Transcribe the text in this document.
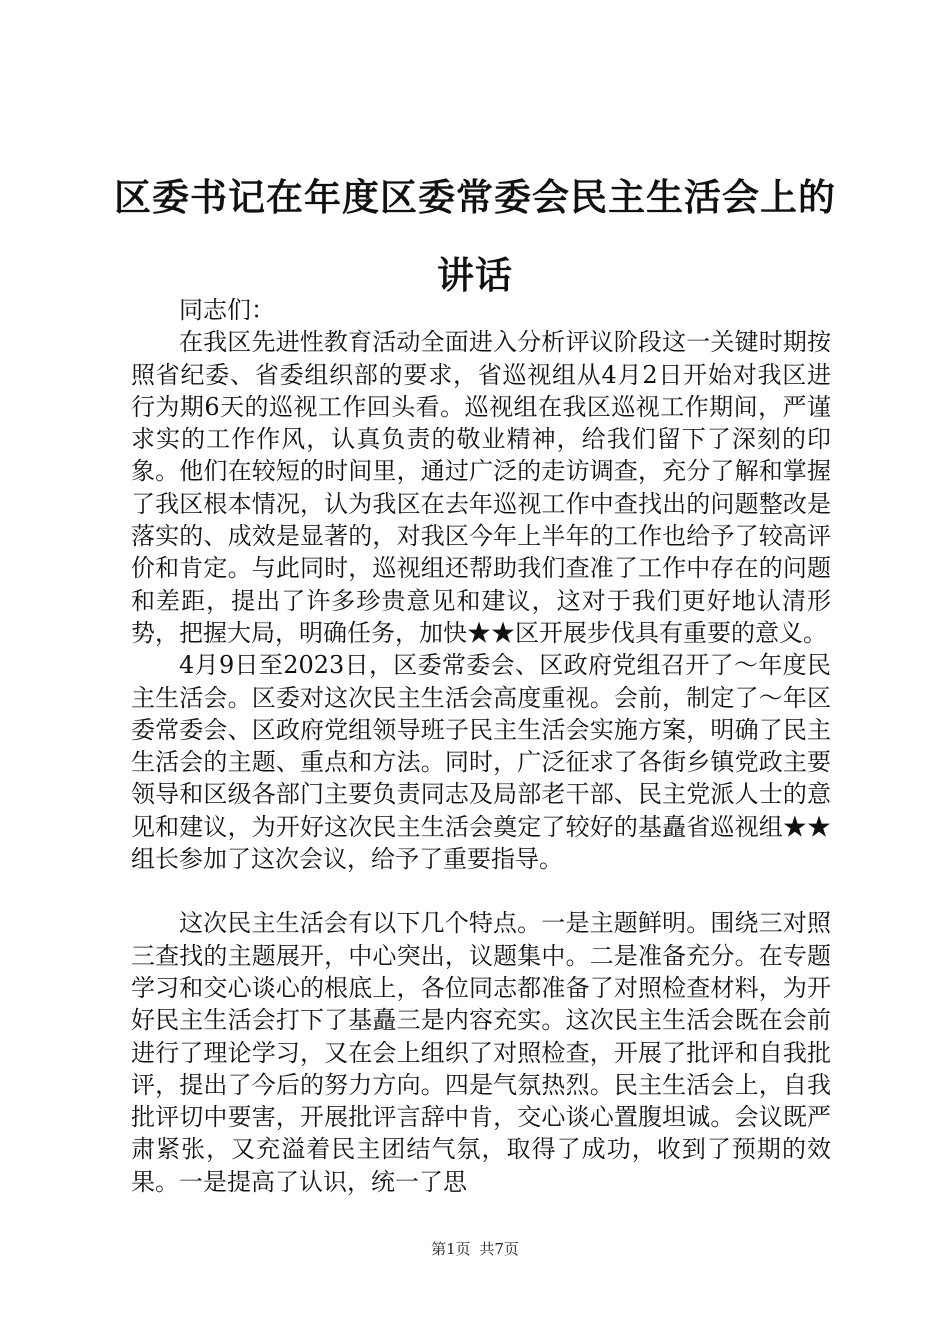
区委书记在年度区委常委会民主生活会上的讲话

同志们：

在我区先进性教育活动全面进入分析评议阶段这一关键时期按照省纪委、省委组织部的要求，省巡视组从4月2日开始对我区进行为期6天的巡视工作回头看。巡视组在我区巡视工作期间，严谨求实的工作作风，认真负责的敬业精神，给我们留下了深刻的印象。他们在较短的时间里，通过广泛的走访调查，充分了解和掌握了我区根本情况，认为我区在去年巡视工作中查找出的问题整改是落实的、成效是显著的，对我区今年上半年的工作也给予了较高评价和肯定。与此同时，巡视组还帮助我们查准了工作中存在的问题和差距，提出了许多珍贵意见和建议，这对于我们更好地认清形势，把握大局，明确任务，加快★★区开展步伐具有重要的意义。

4月9日至2023日，区委常委会、区政府党组召开了～年度民主生活会。区委对这次民主生活会高度重视。会前，制定了～年区委常委会、区政府党组领导班子民主生活会实施方案，明确了民主生活会的主题、重点和方法。同时，广泛征求了各街乡镇党政主要领导和区级各部门主要负责同志及局部老干部、民主党派人士的意见和建议，为开好这次民主生活会奠定了较好的基矗省巡视组★★组长参加了这次会议，给予了重要指导。

这次民主生活会有以下几个特点。一是主题鲜明。围绕三对照三查找的主题展开，中心突出，议题集中。二是准备充分。在专题学习和交心谈心的根底上，各位同志都准备了对照检查材料，为开好民主生活会打下了基矗三是内容充实。这次民主生活会既在会前进行了理论学习，又在会上组织了对照检查，开展了批评和自我批评，提出了今后的努力方向。四是气氛热烈。民主生活会上，自我批评切中要害，开展批评言辞中肯，交心谈心置腹坦诚。会议既严肃紧张，又充溢着民主团结气氛，取得了成功，收到了预期的效果。一是提高了认识，统一了思

第1页 共7页
